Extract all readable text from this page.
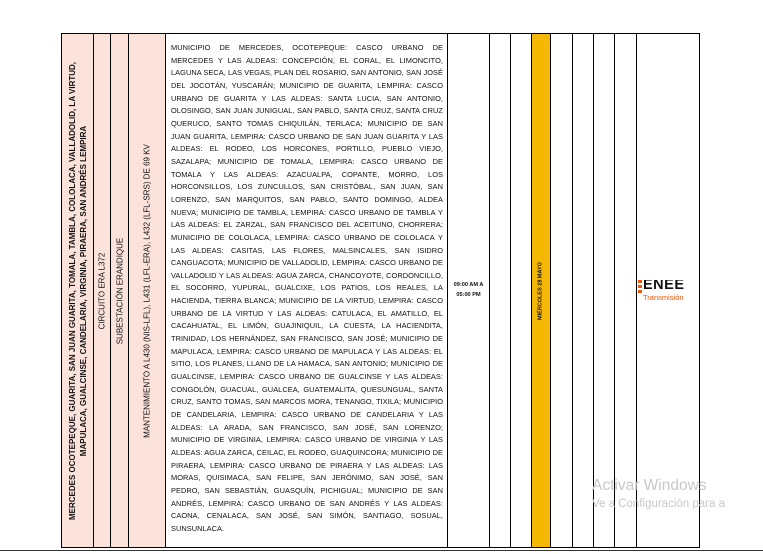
MERCEDES OCOTEPEQUE, GUARITA, SAN JUAN GUARITA, TOMALA, TAMBLA, COLOLACA, VALLADOLID, LA VIRTUD, MAPULACA, GUALCINSE, CANDELARIA, VIRGINIA, PIRAERA, SAN ANDRÉS LEMPIRA CIRCUITO ERA L372 SUBESTACIÓN ERANDIQUE MANTENIMIENTO A L430 (NIS-LFL), L431 (LFL-ERA), L432 (LFL-SRS) DE 69 KV

MUNICIPIO DE MERCEDES, OCOTEPEQUE: CASCO URBANO DE MERCEDES Y LAS ALDEAS: CONCEPCIÓN, EL CORAL, EL LIMONCITO, LAGUNA SECA, LAS VEGAS, PLAN DEL ROSARIO, SAN ANTONIO, SAN JOSÉ DEL JOCOTÁN, YUSCARÁN; MUNICIPIO DE GUARITA, LEMPIRA: CASCO URBANO DE GUARITA Y LAS ALDEAS: SANTA LUCIA, SAN ANTONIO, OLOSINGO, SAN JUAN JUNIGUAL, SAN PABLO, SANTA CRUZ, SANTA CRUZ QUERUCO, SANTO TOMAS CHIQUILÁN, TERLACA; MUNICIPIO DE SAN JUAN GUARITA, LEMPIRA: CASCO URBANO DE SAN JUAN GUARITA Y LAS ALDEAS: EL RODEO, LOS HORCONES, PORTILLO, PUEBLO VIEJO, SAZALAPA; MUNICIPIO DE TOMALA, LEMPIRA: CASCO URBANO DE TOMALA Y LAS ALDEAS: AZACUALPA, COPANTE, MORRO, LOS HORCONSILLOS, LOS ZUNCULLOS, SAN CRISTÓBAL, SAN JUAN, SAN LORENZO, SAN MARQUITOS, SAN PABLO, SANTO DOMINGO, ALDEA NUEVA; MUNICIPIO DE TAMBLA, LEMPIRA: CASCO URBANO DE TAMBLA Y LAS ALDEAS: EL ZARZAL, SAN FRANCISCO DEL ACEITUNO, CHORRERA; MUNICIPIO DE COLOLACA, LEMPIRA: CASCO URBANO DE COLOLACA Y LAS ALDEAS: CASITAS, LAS FLORES, MALSINCALES, SAN ISIDRO CANGUACOTA; MUNICIPIO DE VALLADOLID, LEMPIRA: CASCO URBANO DE VALLADOLID Y LAS ALDEAS: AGUA ZARCA, CHANCOYOTE, CORDONCILLO, EL SOCORRO, YUPURAL, GUALCIXE, LOS PATIOS, LOS REALES, LA HACIENDA, TIERRA BLANCA; MUNICIPIO DE LA VIRTUD, LEMPIRA: CASCO URBANO DE LA VIRTUD Y LAS ALDEAS: CATULACA, EL AMATILLO, EL CACAHUATAL, EL LIMÓN, GUAJINIQUIL, LA CUESTA, LA HACIENDITA, TRINIDAD, LOS HERNÁNDEZ, SAN FRANCISCO, SAN JOSÉ; MUNICIPIO DE MAPULACA, LEMPIRA: CASCO URBANO DE MAPULACA Y LAS ALDEAS: EL SITIO, LOS PLANES, LLANO DE LA HAMACA, SAN ANTONIO; MUNICIPIO DE GUALCINSE, LEMPIRA: CASCO URBANO DE GUALCINSE Y LAS ALDEAS: CONGOLÓN, GUACUAL, GUALCEA, GUATEMALITA, QUESUNGUAL, SANTA CRUZ, SANTO TOMAS, SAN MARCOS MORA, TENANGO, TIXILA; MUNICIPIO DE CANDELARIA, LEMPIRA: CASCO URBANO DE CANDELARIA Y LAS ALDEAS: LA ARADA, SAN FRANCISCO, SAN JOSÉ, SAN LORENZO; MUNICIPIO DE VIRGINIA, LEMPIRA: CASCO URBANO DE VIRGINIA Y LAS ALDEAS: AGUA ZARCA, CEILAC, EL RODEO, GUAQUINCORA; MUNICIPIO DE PIRAERA, LEMPIRA: CASCO URBANO DE PIRAERA Y LAS ALDEAS: LAS MORAS, QUISIMACA, SAN FELIPE, SAN JERÓNIMO, SAN JOSÉ, SAN PEDRO, SAN SEBASTIÁN, GUASQUÍN, PICHIGUAL; MUNICIPIO DE SAN ANDRÉS, LEMPIRA: CASCO URBANO DE SAN ANDRÉS Y LAS ALDEAS: CAONA, CENALACA, SAN JOSÉ, SAN SIMÓN, SANTIAGO, SOSUAL, SUNSUNLACA.

09:00 AM A
05:00 PM	MIÉRCOLES 28 MAYO	ENEE
Transmisión
Activar Windows
Ve a Configuración para a
